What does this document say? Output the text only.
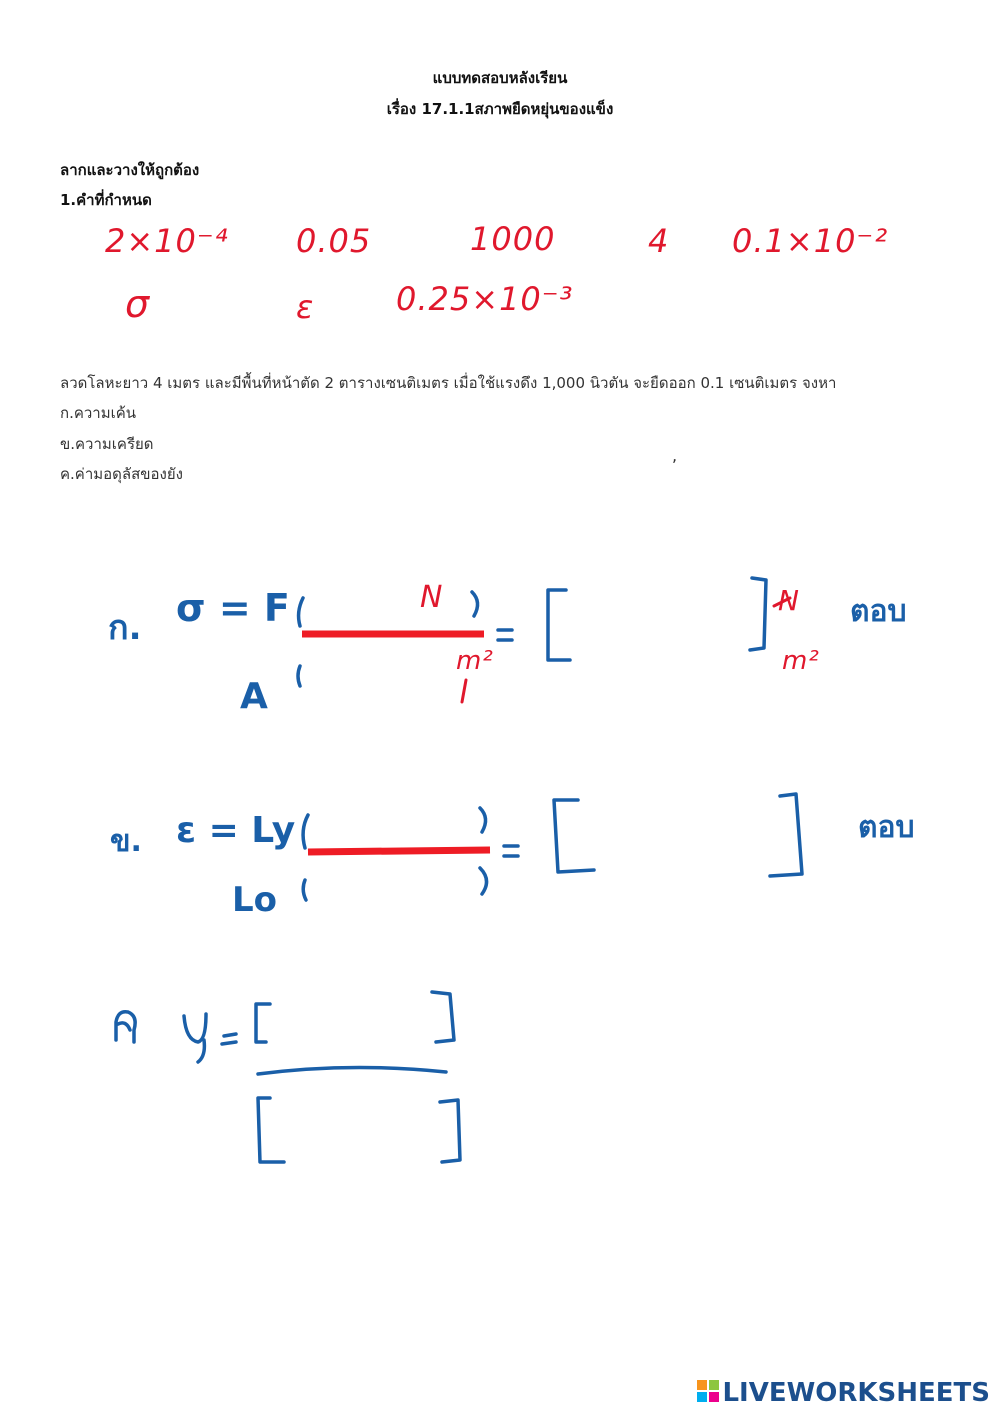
แบบทดสอบหลังเรียน
เรื่อง 17.1.1สภาพยืดหยุ่นของแข็ง
ลากและวางให้ถูกต้อง
1.คำที่กำหนด
2×10⁻⁴ 0.05	1000	4 0.1×10⁻²
σ	ε	0.25×10⁻³
ลวดโลหะยาว 4 เมตร และมีพื้นที่หน้าตัด 2 ตารางเซนติเมตร เมื่อใช้แรงดึง 1,000 นิวตัน จะยืดออก 0.1 เซนติเมตร จงหา
ก.ความเค้น
ข.ความเครียด
ค.ค่ามอดุลัสของยัง
,
ก. σ = F
A
N
m²
N
m²
ตอบ
ข. ε = Ly
Lo
ตอบ
LIVEWORKSHEETS
